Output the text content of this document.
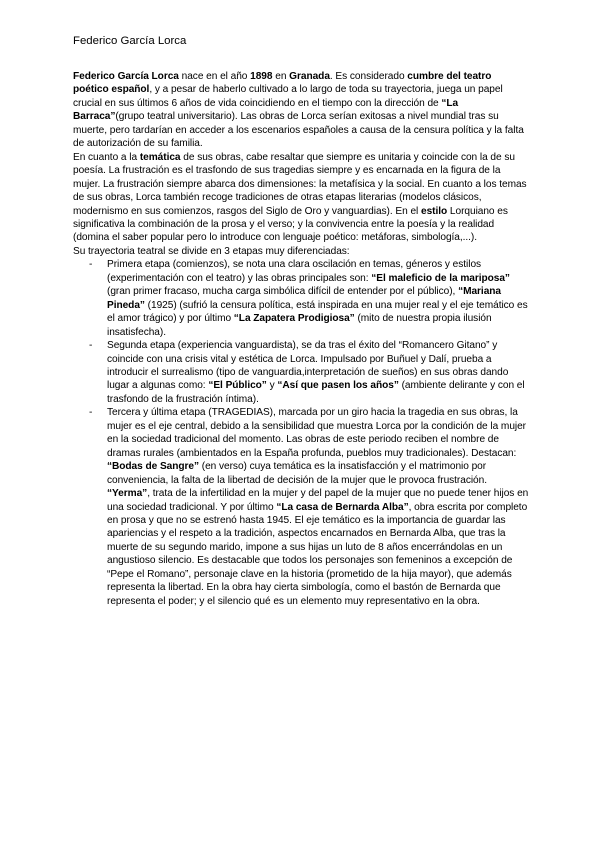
Federico García Lorca

Federico García Lorca nace en el año 1898 en Granada. Es considerado cumbre del teatro poético español, y a pesar de haberlo cultivado a lo largo de toda su trayectoria, juega un papel crucial en sus últimos 6 años de vida coincidiendo en el tiempo con la dirección de “La Barraca”(grupo teatral universitario). Las obras de Lorca serían exitosas a nivel mundial tras su muerte, pero tardarían en acceder a los escenarios españoles a causa de la censura política y la falta de autorización de su familia.

En cuanto a la temática de sus obras, cabe resaltar que siempre es unitaria y coincide con la de su poesía. La frustración es el trasfondo de sus tragedias siempre y es encarnada en la figura de la mujer. La frustración siempre abarca dos dimensiones: la metafísica y la social. En cuanto a los temas de sus obras, Lorca también recoge tradiciones de otras etapas literarias (modelos clásicos, modernismo en sus comienzos, rasgos del Siglo de Oro y vanguardias). En el estilo Lorquiano es significativa la combinación de la prosa y el verso; y la convivencia entre la poesía y la realidad (domina el saber popular pero lo introduce con lenguaje poético: metáforas, simbología,...).

Su trayectoria teatral se divide en 3 etapas muy diferenciadas:

- Primera etapa (comienzos), se nota una clara oscilación en temas, géneros y estilos (experimentación con el teatro) y las obras principales son: “El maleficio de la mariposa” (gran primer fracaso, mucha carga simbólica difícil de entender por el público), “Mariana Pineda” (1925) (sufrió la censura política, está inspirada en una mujer real y el eje temático es el amor trágico) y por último “La Zapatera Prodigiosa” (mito de nuestra propia ilusión insatisfecha).
- Segunda etapa (experiencia vanguardista), se da tras el éxito del “Romancero Gitano” y coincide con una crisis vital y estética de Lorca. Impulsado por Buñuel y Dalí, prueba a introducir el surrealismo (tipo de vanguardia,interpretación de sueños) en sus obras dando lugar a algunas como: “El Público” y “Así que pasen los años” (ambiente delirante y con el trasfondo de la frustración íntima).
- Tercera y última etapa (TRAGEDIAS), marcada por un giro hacia la tragedia en sus obras, la mujer es el eje central, debido a la sensibilidad que muestra Lorca por la condición de la mujer en la sociedad tradicional del momento. Las obras de este periodo reciben el nombre de dramas rurales (ambientados en la España profunda, pueblos muy tradicionales). Destacan: “Bodas de Sangre” (en verso) cuya temática es la insatisfacción y el matrimonio por conveniencia, la falta de la libertad de decisión de la mujer que le provoca frustración. “Yerma”, trata de la infertilidad en la mujer y del papel de la mujer que no puede tener hijos en una sociedad tradicional. Y por último “La casa de Bernarda Alba”, obra escrita por completo en prosa y que no se estrenó hasta 1945. El eje temático es la importancia de guardar las apariencias y el respeto a la tradición, aspectos encarnados en Bernarda Alba, que tras la muerte de su segundo marido, impone a sus hijas un luto de 8 años encerrándolas en un angustioso silencio. Es destacable que todos los personajes son femeninos a excepción de “Pepe el Romano”, personaje clave en la historia (prometido de la hija mayor), que además representa la libertad. En la obra hay cierta simbología, como el bastón de Bernarda que representa el poder; y el silencio qué es un elemento muy representativo en la obra.
